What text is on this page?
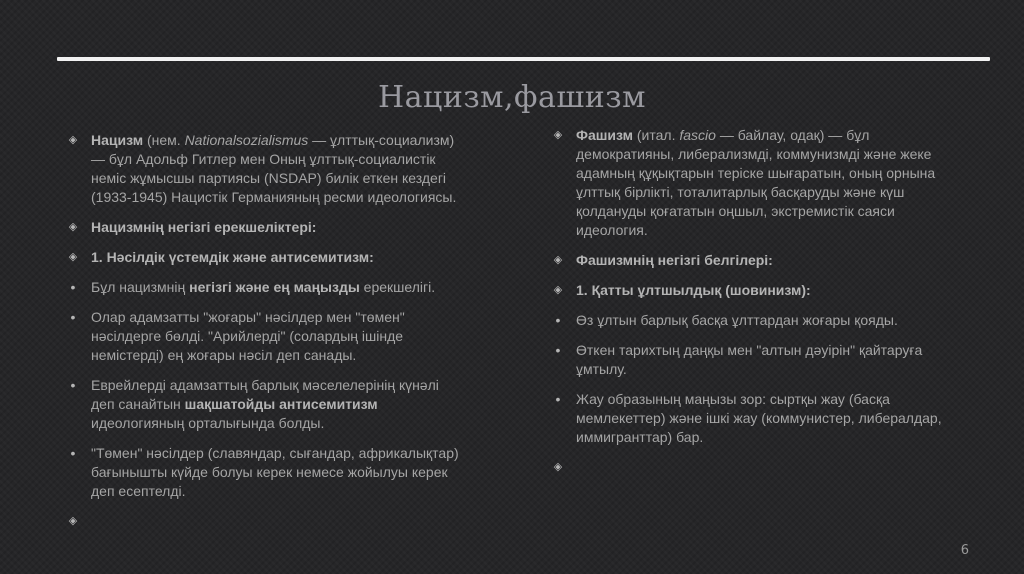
Нацизм,фашизм
◈ Нацизм (нем. Nationalsozialismus — ұлттық-социализм) — бұл Адольф Гитлер мен Оның ұлттық-социалистік неміс жұмысшы партиясы (NSDAP) билік еткен кездегі (1933-1945) Нацистік Германияның ресми идеологиясы.
◈ Нацизмнің негізгі ерекшеліктері:
◈ 1. Нәсілдік үстемдік және антисемитизм:
•	Бұл нацизмнің негізгі және ең маңызды ерекшелігі.
•	Олар адамзатты "жоғары" нәсілдер мен "төмен" нәсілдерге бөлді. "Арийлерді" (солардың ішінде немістерді) ең жоғары нәсіл деп санады.
•	Еврейлерді адамзаттың барлық мәселелерінің күнәлі деп санайтын шақшатойды антисемитизм идеологияның орталығында болды.
•	"Төмен" нәсілдер (славяндар, сығандар, африкалықтар) бағынышты күйде болуы керек немесе жойылуы керек деп есептелді.
◈
◈ Фашизм (итал. fascio — байлау, одақ) — бұл демократияны, либерализмді, коммунизмді және жеке адамның құқықтарын теріске шығаратын, оның орнына ұлттық бірлікті, тоталитарлық басқаруды және күш қолдануды қоғататын оңшыл, экстремистік саяси идеология.
◈ Фашизмнің негізгі белгілері:
◈ 1. Қатты ұлтшылдық (шовинизм):
•	Өз ұлтын барлық басқа ұлттардан жоғары қояды.
•	Өткен тарихтың даңқы мен "алтын дәуірін" қайтаруға ұмтылу.
•	Жау образының маңызы зор: сыртқы жау (басқа мемлекеттер) және ішкі жау (коммунистер, либералдар, иммигранттар) бар.
◈
6
